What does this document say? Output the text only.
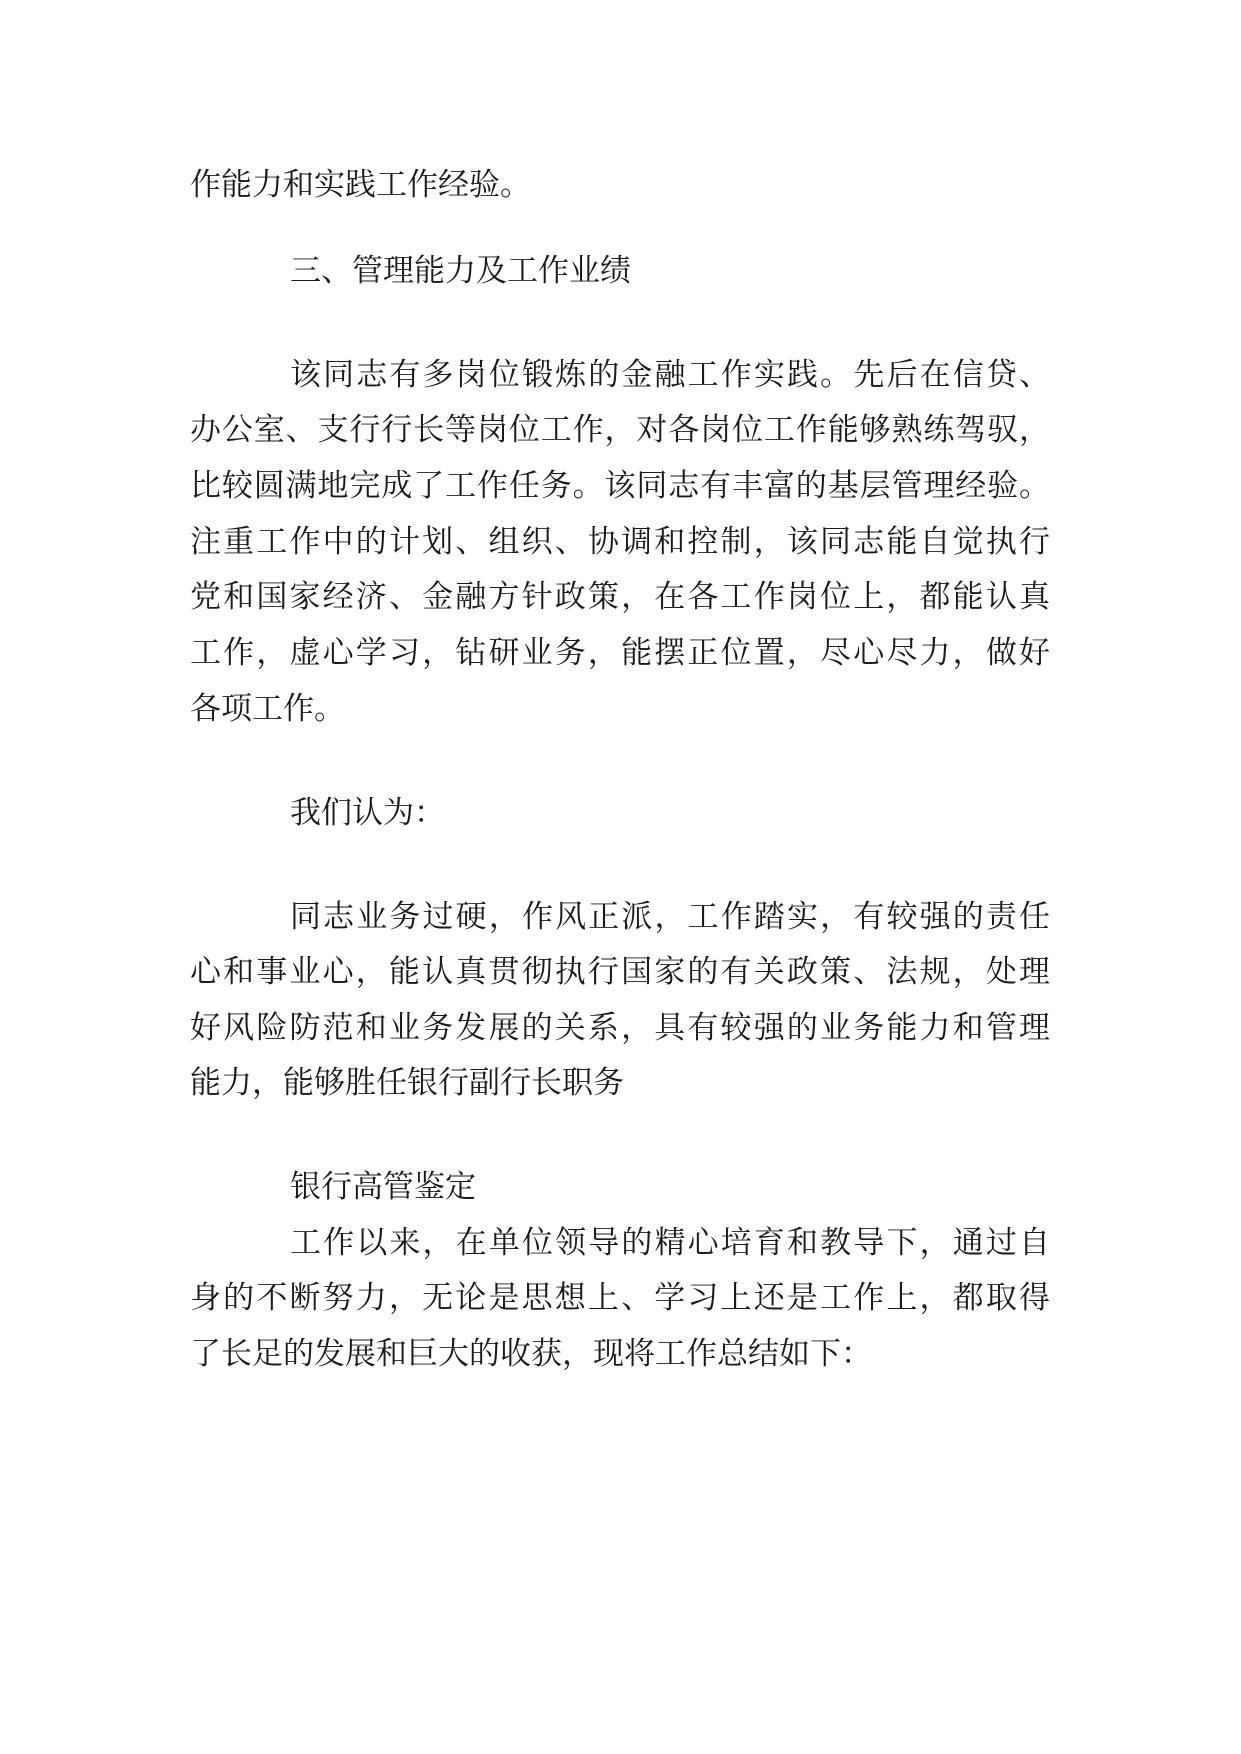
作能力和实践工作经验。

三、管理能力及工作业绩

该同志有多岗位锻炼的金融工作实践。先后在信贷、

办公室、支行行长等岗位工作，对各岗位工作能够熟练驾驭，

比较圆满地完成了工作任务。该同志有丰富的基层管理经验。

注重工作中的计划、组织、协调和控制，该同志能自觉执行

党和国家经济、金融方针政策，在各工作岗位上，都能认真

工作，虚心学习，钻研业务，能摆正位置，尽心尽力，做好

各项工作。

我们认为：

同志业务过硬，作风正派，工作踏实，有较强的责任

心和事业心，能认真贯彻执行国家的有关政策、法规，处理

好风险防范和业务发展的关系，具有较强的业务能力和管理

能力，能够胜任银行副行长职务

银行高管鉴定

工作以来，在单位领导的精心培育和教导下，通过自

身的不断努力，无论是思想上、学习上还是工作上，都取得

了长足的发展和巨大的收获，现将工作总结如下：
